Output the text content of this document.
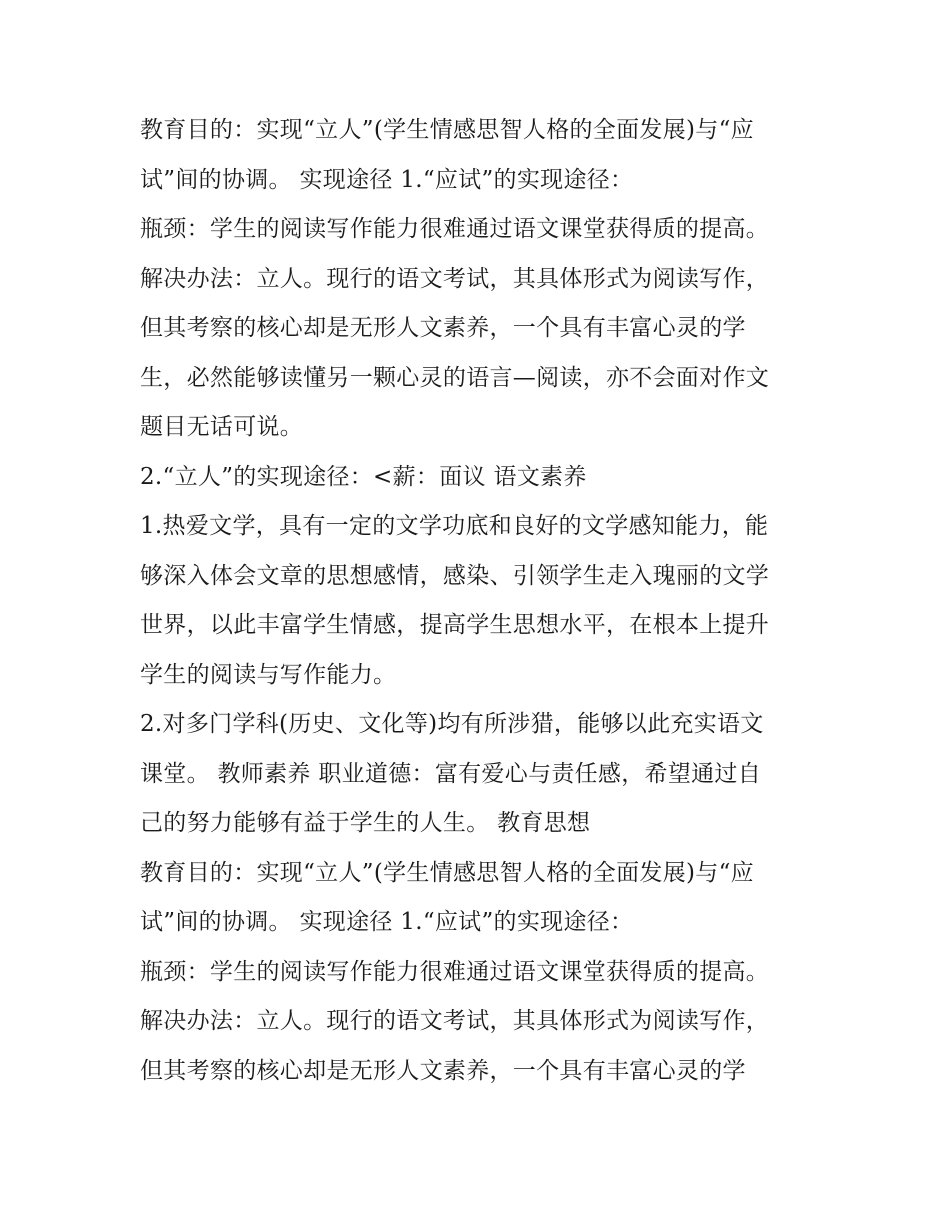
教育目的：实现“立人”(学生情感思智人格的全面发展)与“应
试”间的协调。 实现途径 1.“应试”的实现途径：

瓶颈：学生的阅读写作能力很难通过语文课堂获得质的提高。

解决办法：立人。现行的语文考试，其具体形式为阅读写作，
但其考察的核心却是无形人文素养，一个具有丰富心灵的学
生，必然能够读懂另一颗心灵的语言—阅读，亦不会面对作文
题目无话可说。

2.“立人”的实现途径：<薪：面议 语文素养

1.热爱文学，具有一定的文学功底和良好的文学感知能力，能
够深入体会文章的思想感情，感染、引领学生走入瑰丽的文学
世界，以此丰富学生情感，提高学生思想水平，在根本上提升
学生的阅读与写作能力。

2.对多门学科(历史、文化等)均有所涉猎，能够以此充实语文
课堂。 教师素养 职业道德：富有爱心与责任感，希望通过自
己的努力能够有益于学生的人生。 教育思想

教育目的：实现“立人”(学生情感思智人格的全面发展)与“应
试”间的协调。 实现途径 1.“应试”的实现途径：

瓶颈：学生的阅读写作能力很难通过语文课堂获得质的提高。

解决办法：立人。现行的语文考试，其具体形式为阅读写作，
但其考察的核心却是无形人文素养，一个具有丰富心灵的学
